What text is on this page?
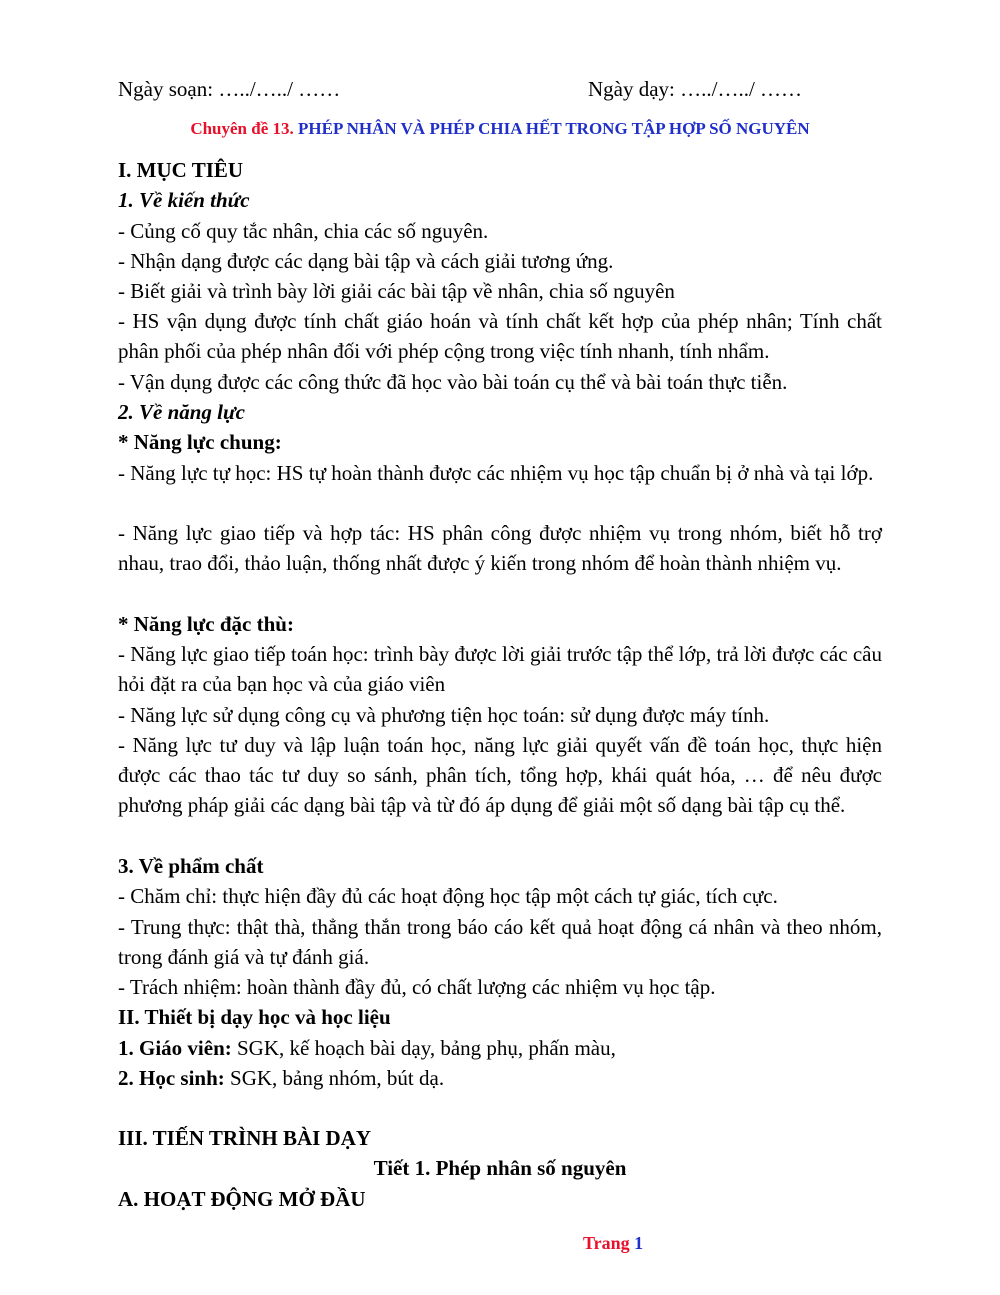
Ngày soạn: …../…../ ……	Ngày dạy: …../…../ ……
Chuyên đề 13. PHÉP NHÂN VÀ PHÉP CHIA HẾT TRONG TẬP HỢP SỐ NGUYÊN
I. MỤC TIÊU
1. Về kiến thức
- Củng cố quy tắc nhân, chia các số nguyên.
- Nhận dạng được các dạng bài tập và cách giải tương ứng.
- Biết giải và trình bày lời giải các bài tập về nhân, chia số nguyên
- HS vận dụng được tính chất giáo hoán và tính chất kết hợp của phép nhân; Tính chất phân phối của phép nhân đối với phép cộng trong việc tính nhanh, tính nhẩm.
- Vận dụng được các công thức đã học vào bài toán cụ thể và bài toán thực tiễn.
2. Về năng lực
* Năng lực chung:
- Năng lực tự học: HS tự hoàn thành được các nhiệm vụ học tập chuẩn bị ở nhà và tại lớp.
- Năng lực giao tiếp và hợp tác: HS phân công được nhiệm vụ trong nhóm, biết hỗ trợ nhau, trao đổi, thảo luận, thống nhất được ý kiến trong nhóm để hoàn thành nhiệm vụ.
* Năng lực đặc thù:
- Năng lực giao tiếp toán học: trình bày được lời giải trước tập thể lớp, trả lời được các câu hỏi đặt ra của bạn học và của giáo viên
- Năng lực sử dụng công cụ và phương tiện học toán: sử dụng được máy tính.
- Năng lực tư duy và lập luận toán học, năng lực giải quyết vấn đề toán học, thực hiện được các thao tác tư duy so sánh, phân tích, tổng hợp, khái quát hóa, … để nêu được phương pháp giải các dạng bài tập và từ đó áp dụng để giải một số dạng bài tập cụ thể.
3. Về phẩm chất
- Chăm chỉ: thực hiện đầy đủ các hoạt động học tập một cách tự giác, tích cực.
- Trung thực: thật thà, thẳng thắn trong báo cáo kết quả hoạt động cá nhân và theo nhóm, trong đánh giá và tự đánh giá.
- Trách nhiệm: hoàn thành đầy đủ, có chất lượng các nhiệm vụ học tập.
II. Thiết bị dạy học và học liệu
1. Giáo viên: SGK, kế hoạch bài dạy, bảng phụ, phấn màu,
2. Học sinh: SGK, bảng nhóm, bút dạ.
III. TIẾN TRÌNH BÀI DẠY
Tiết 1. Phép nhân số nguyên
A. HOẠT ĐỘNG MỞ ĐẦU
Trang 1
